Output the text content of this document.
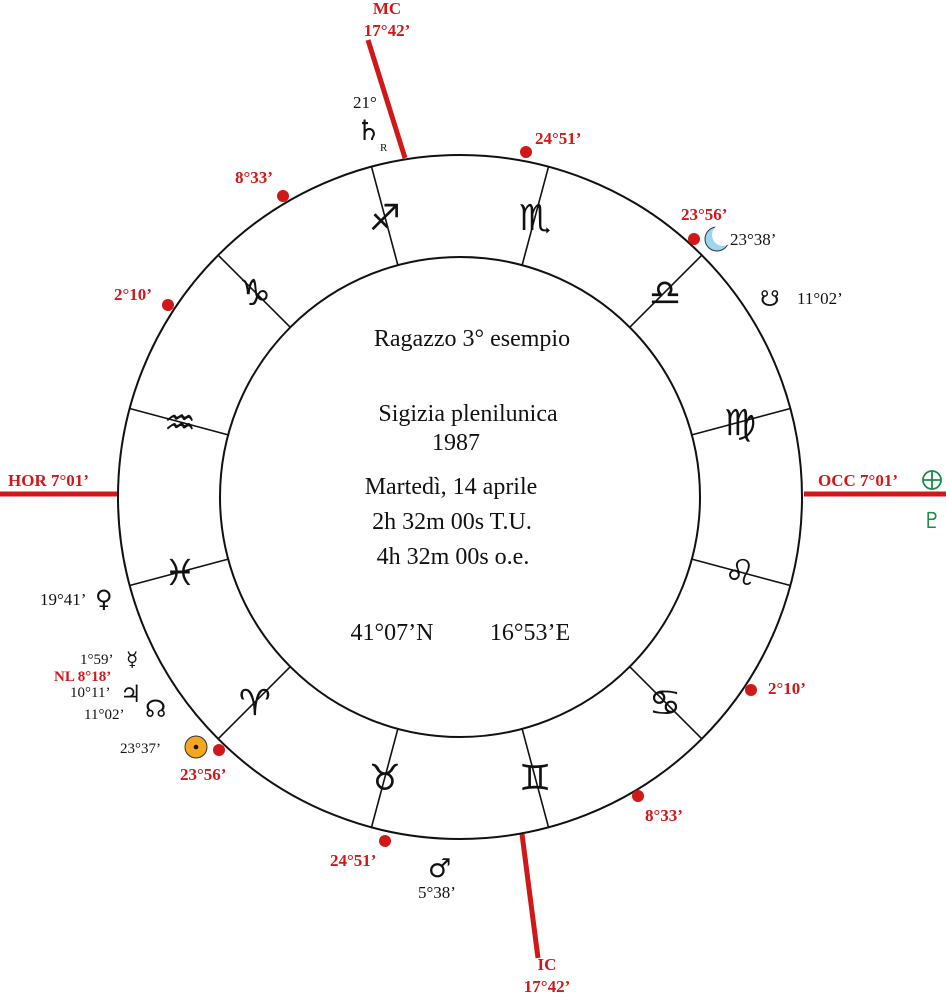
♐	♏
♎
♍
♌
♋
♊
♉
♈
♓
♒
♑
24°51’
23°56’
2°10’
8°33’
24°51’
23°56’
2°10’
8°33’
MC
17°42’
IC
17°42’
HOR 7°01’	OCC 7°01’
Ragazzo 3° esempio
Sigizia plenilunica
1987
Martedì, 14 aprile
2h 32m 00s T.U.
4h 32m 00s o.e.
41°07’N 16°53’E
21°
♄
R
23°38’
☋ 11°02’
♇
19°41’ ♀
1°59’ ☿
NL 8°18’
10°11’ ♃
11°02’ ☊
23°37’
♂
5°38’
